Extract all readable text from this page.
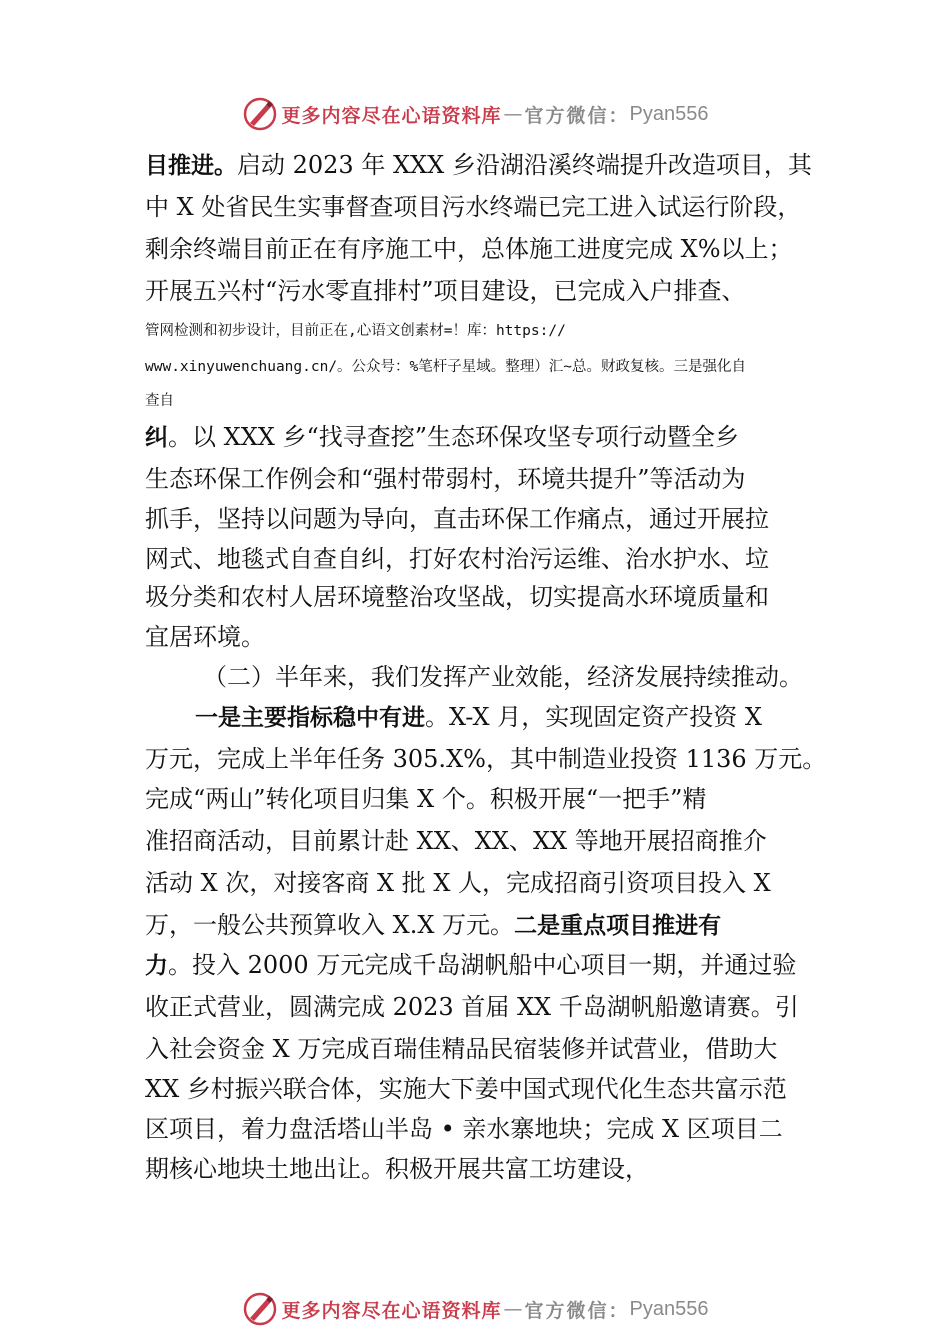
更多内容尽在心语资料库 — 官方微信： Pyan556
目推进。启动 2023 年 XXX 乡沿湖沿溪终端提升改造项目，其
中 X 处省民生实事督查项目污水终端已完工进入试运行阶段，
剩余终端目前正在有序施工中，总体施工进度完成 X%以上；
开展五兴村“污水零直排村”项目建设，已完成入户排查、
管网检测和初步设计，目前正在,心语文创素材=！库：https://
www.xinyuwenchuang.cn/。公众号：%笔杆子星域。整理）汇~总。财政复核。三是强化自
查自
纠。以 XXX 乡“找寻查挖”生态环保攻坚专项行动暨全乡
生态环保工作例会和“强村带弱村，环境共提升”等活动为
抓手，坚持以问题为导向，直击环保工作痛点，通过开展拉
网式、地毯式自查自纠，打好农村治污运维、治水护水、垃
圾分类和农村人居环境整治攻坚战，切实提高水环境质量和
宜居环境。
（二）半年来，我们发挥产业效能，经济发展持续推动。
一是主要指标稳中有进。X-X 月，实现固定资产投资 X
万元，完成上半年任务 305.X%，其中制造业投资 1136 万元。
完成“两山”转化项目归集 X 个。积极开展“一把手”精
准招商活动，目前累计赴 XX、XX、XX 等地开展招商推介
活动 X 次，对接客商 X 批 X 人，完成招商引资项目投入 X
万，一般公共预算收入 X.X 万元。二是重点项目推进有
力。投入 2000 万元完成千岛湖帆船中心项目一期，并通过验
收正式营业，圆满完成 2023 首届 XX 千岛湖帆船邀请赛。引
入社会资金 X 万完成百瑞佳精品民宿装修并试营业，借助大
XX 乡村振兴联合体，实施大下姜中国式现代化生态共富示范
区项目，着力盘活塔山半岛 • 亲水寨地块；完成 X 区项目二
期核心地块土地出让。积极开展共富工坊建设，
更多内容尽在心语资料库 — 官方微信： Pyan556
